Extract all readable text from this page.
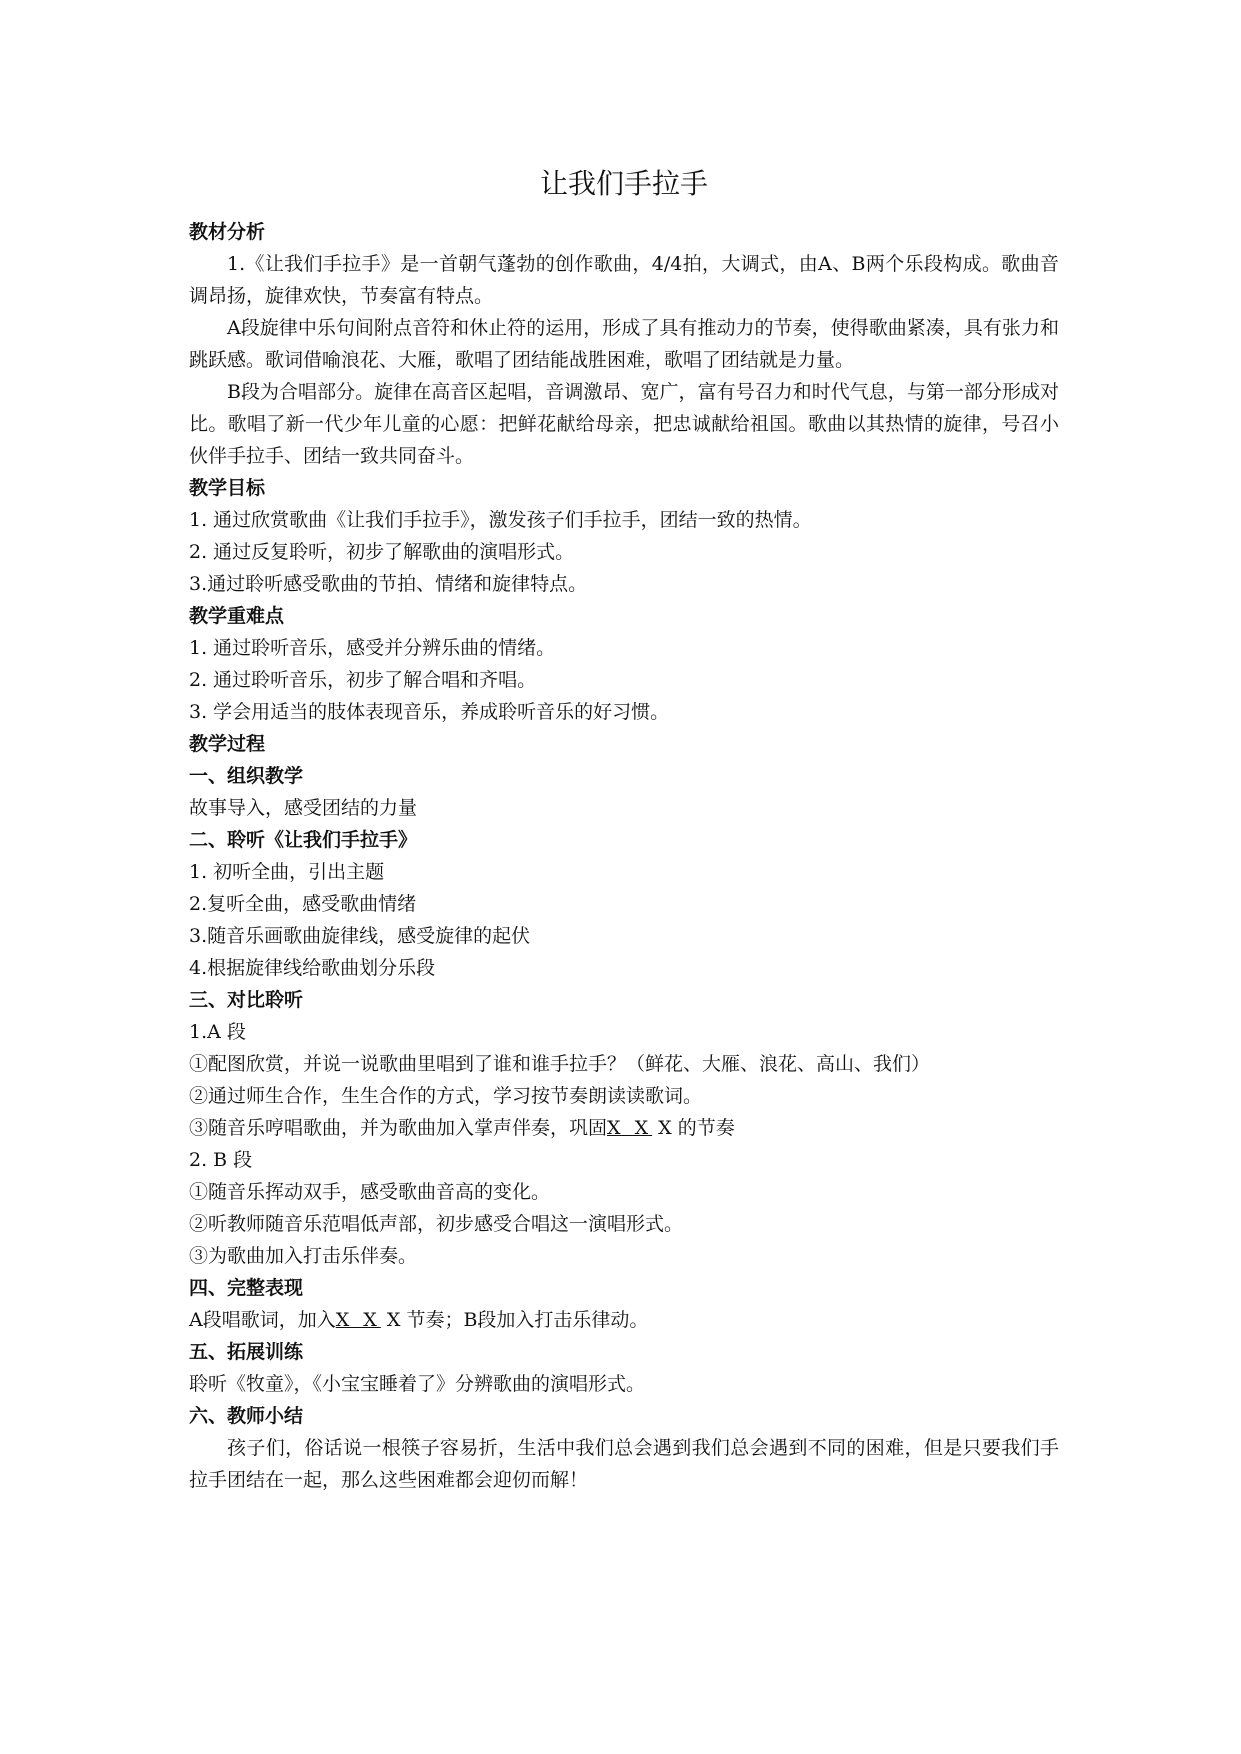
让我们手拉手
教材分析

1.《让我们手拉手》是一首朝气蓬勃的创作歌曲，4/4拍，大调式，由A、B两个乐段构成。歌曲音调昂扬，旋律欢快，节奏富有特点。

A段旋律中乐句间附点音符和休止符的运用，形成了具有推动力的节奏，使得歌曲紧凑，具有张力和跳跃感。歌词借喻浪花、大雁，歌唱了团结能战胜困难，歌唱了团结就是力量。

B段为合唱部分。旋律在高音区起唱，音调激昂、宽广，富有号召力和时代气息，与第一部分形成对比。歌唱了新一代少年儿童的心愿：把鲜花献给母亲，把忠诚献给祖国。歌曲以其热情的旋律，号召小伙伴手拉手、团结一致共同奋斗。

教学目标
1. 通过欣赏歌曲《让我们手拉手》，激发孩子们手拉手，团结一致的热情。
2. 通过反复聆听，初步了解歌曲的演唱形式。
3.通过聆听感受歌曲的节拍、情绪和旋律特点。
教学重难点
1. 通过聆听音乐，感受并分辨乐曲的情绪。
2. 通过聆听音乐，初步了解合唱和齐唱。
3. 学会用适当的肢体表现音乐，养成聆听音乐的好习惯。
教学过程
一、组织教学
故事导入，感受团结的力量
二、聆听《让我们手拉手》
1. 初听全曲，引出主题
2.复听全曲，感受歌曲情绪
3.随音乐画歌曲旋律线，感受旋律的起伏
4.根据旋律线给歌曲划分乐段
三、对比聆听
1.A 段
①配图欣赏，并说一说歌曲里唱到了谁和谁手拉手？（鲜花、大雁、浪花、高山、我们）
②通过师生合作，生生合作的方式，学习按节奏朗读读歌词。
③随音乐哼唱歌曲，并为歌曲加入掌声伴奏，巩固X X X 的节奏
2. B 段
①随音乐挥动双手，感受歌曲音高的变化。
②听教师随音乐范唱低声部，初步感受合唱这一演唱形式。
③为歌曲加入打击乐伴奏。
四、完整表现
A段唱歌词，加入X X X 节奏；B段加入打击乐律动。
五、拓展训练
聆听《牧童》，《小宝宝睡着了》分辨歌曲的演唱形式。
六、教师小结

孩子们，俗话说一根筷子容易折，生活中我们总会遇到我们总会遇到不同的困难，但是只要我们手拉手团结在一起，那么这些困难都会迎仞而解！
